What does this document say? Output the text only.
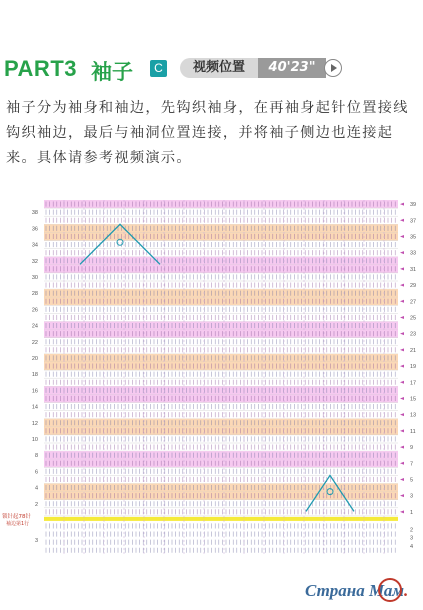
PART3 袖子	C	视频位置	40'23"
袖子分为袖身和袖边，先钩织袖身，在再袖身起针位置接线钩织袖边，最后与袖洞位置连接，并将袖子侧边也连接起来。具体请参考视频演示。
38
36
34
32
30
28
26
24
22
20
18
16
14
12
10
8
6
4
2
39
37
35
33
31
29
27
25
23
21
19
17
15
13
11
9
7
5
3
1
2
3
4
3
锁针起78针
袖边第1行
Страна Мам.
